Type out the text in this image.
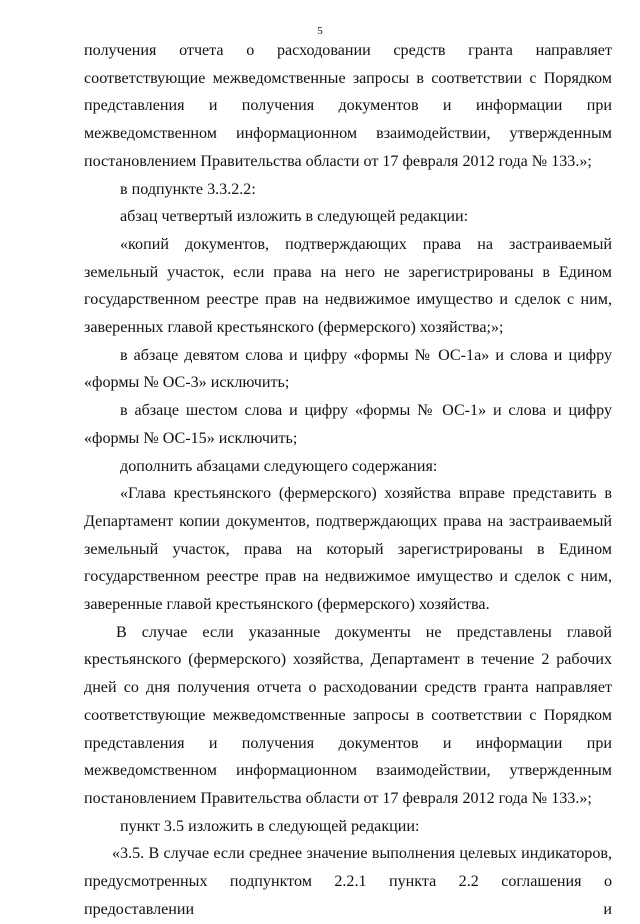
5

получения отчета о расходовании средств гранта направляет соответствующие межведомственные запросы в соответствии с Порядком представления и получения документов и информации при межведомственном информационном взаимодействии, утвержденным постановлением Правительства области от 17 февраля 2012 года № 133.»;

в подпункте 3.3.2.2:

абзац четвертый изложить в следующей редакции:

«копий документов, подтверждающих права на застраиваемый земельный участок, если права на него не зарегистрированы в Едином государственном реестре прав на недвижимое имущество и сделок с ним, заверенных главой крестьянского (фермерского) хозяйства;»;

в абзаце девятом слова и цифру «формы № ОС-1а» и слова и цифру «формы № ОС-3» исключить;

в абзаце шестом слова и цифру «формы № ОС-1» и слова и цифру «формы № ОС-15» исключить;

дополнить абзацами следующего содержания:

«Глава крестьянского (фермерского) хозяйства вправе представить в Департамент копии документов, подтверждающих права на застраиваемый земельный участок, права на который зарегистрированы в Едином государственном реестре прав на недвижимое имущество и сделок с ним, заверенные главой крестьянского (фермерского) хозяйства.

В случае если указанные документы не представлены главой крестьянского (фермерского) хозяйства, Департамент в течение 2 рабочих дней со дня получения отчета о расходовании средств гранта направляет соответствующие межведомственные запросы в соответствии с Порядком представления и получения документов и информации при межведомственном информационном взаимодействии, утвержденным постановлением Правительства области от 17 февраля 2012 года № 133.»;

пункт 3.5 изложить в следующей редакции:

«3.5. В случае если среднее значение выполнения целевых индикаторов, предусмотренных подпунктом 2.2.1 пункта 2.2 соглашения о предоставлении и
